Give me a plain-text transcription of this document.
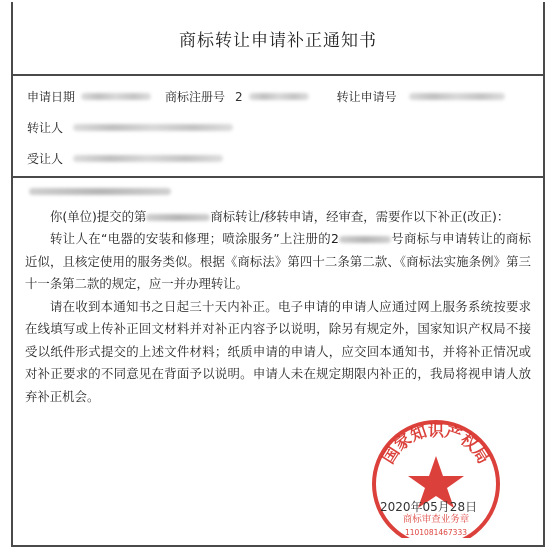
商标转让申请补正通知书
申请日期	商标注册号 2	转让申请号
转让人
受让人

你(单位)提交的第	商标转让/移转申请，经审查，需要作以下补正(改正)：

转让人在“电器的安装和修理；喷涂服务”上注册的2	号商标与申请转让的商标近似，且核定使用的服务类似。根据《商标法》第四十二条第二款、《商标法实施条例》第三十一条第二款的规定，应一并办理转让。

请在收到本通知书之日起三十天内补正。电子申请的申请人应通过网上服务系统按要求在线填写或上传补正回文材料并对补正内容予以说明，除另有规定外，国家知识产权局不接受以纸件形式提交的上述文件材料；纸质申请的申请人，应交回本通知书，并将补正情况或对补正要求的不同意见在背面予以说明。申请人未在规定期限内补正的，我局将视申请人放弃补正机会。

国家知识产权局
商标审查业务章
1101081467333
2020年05月28日
